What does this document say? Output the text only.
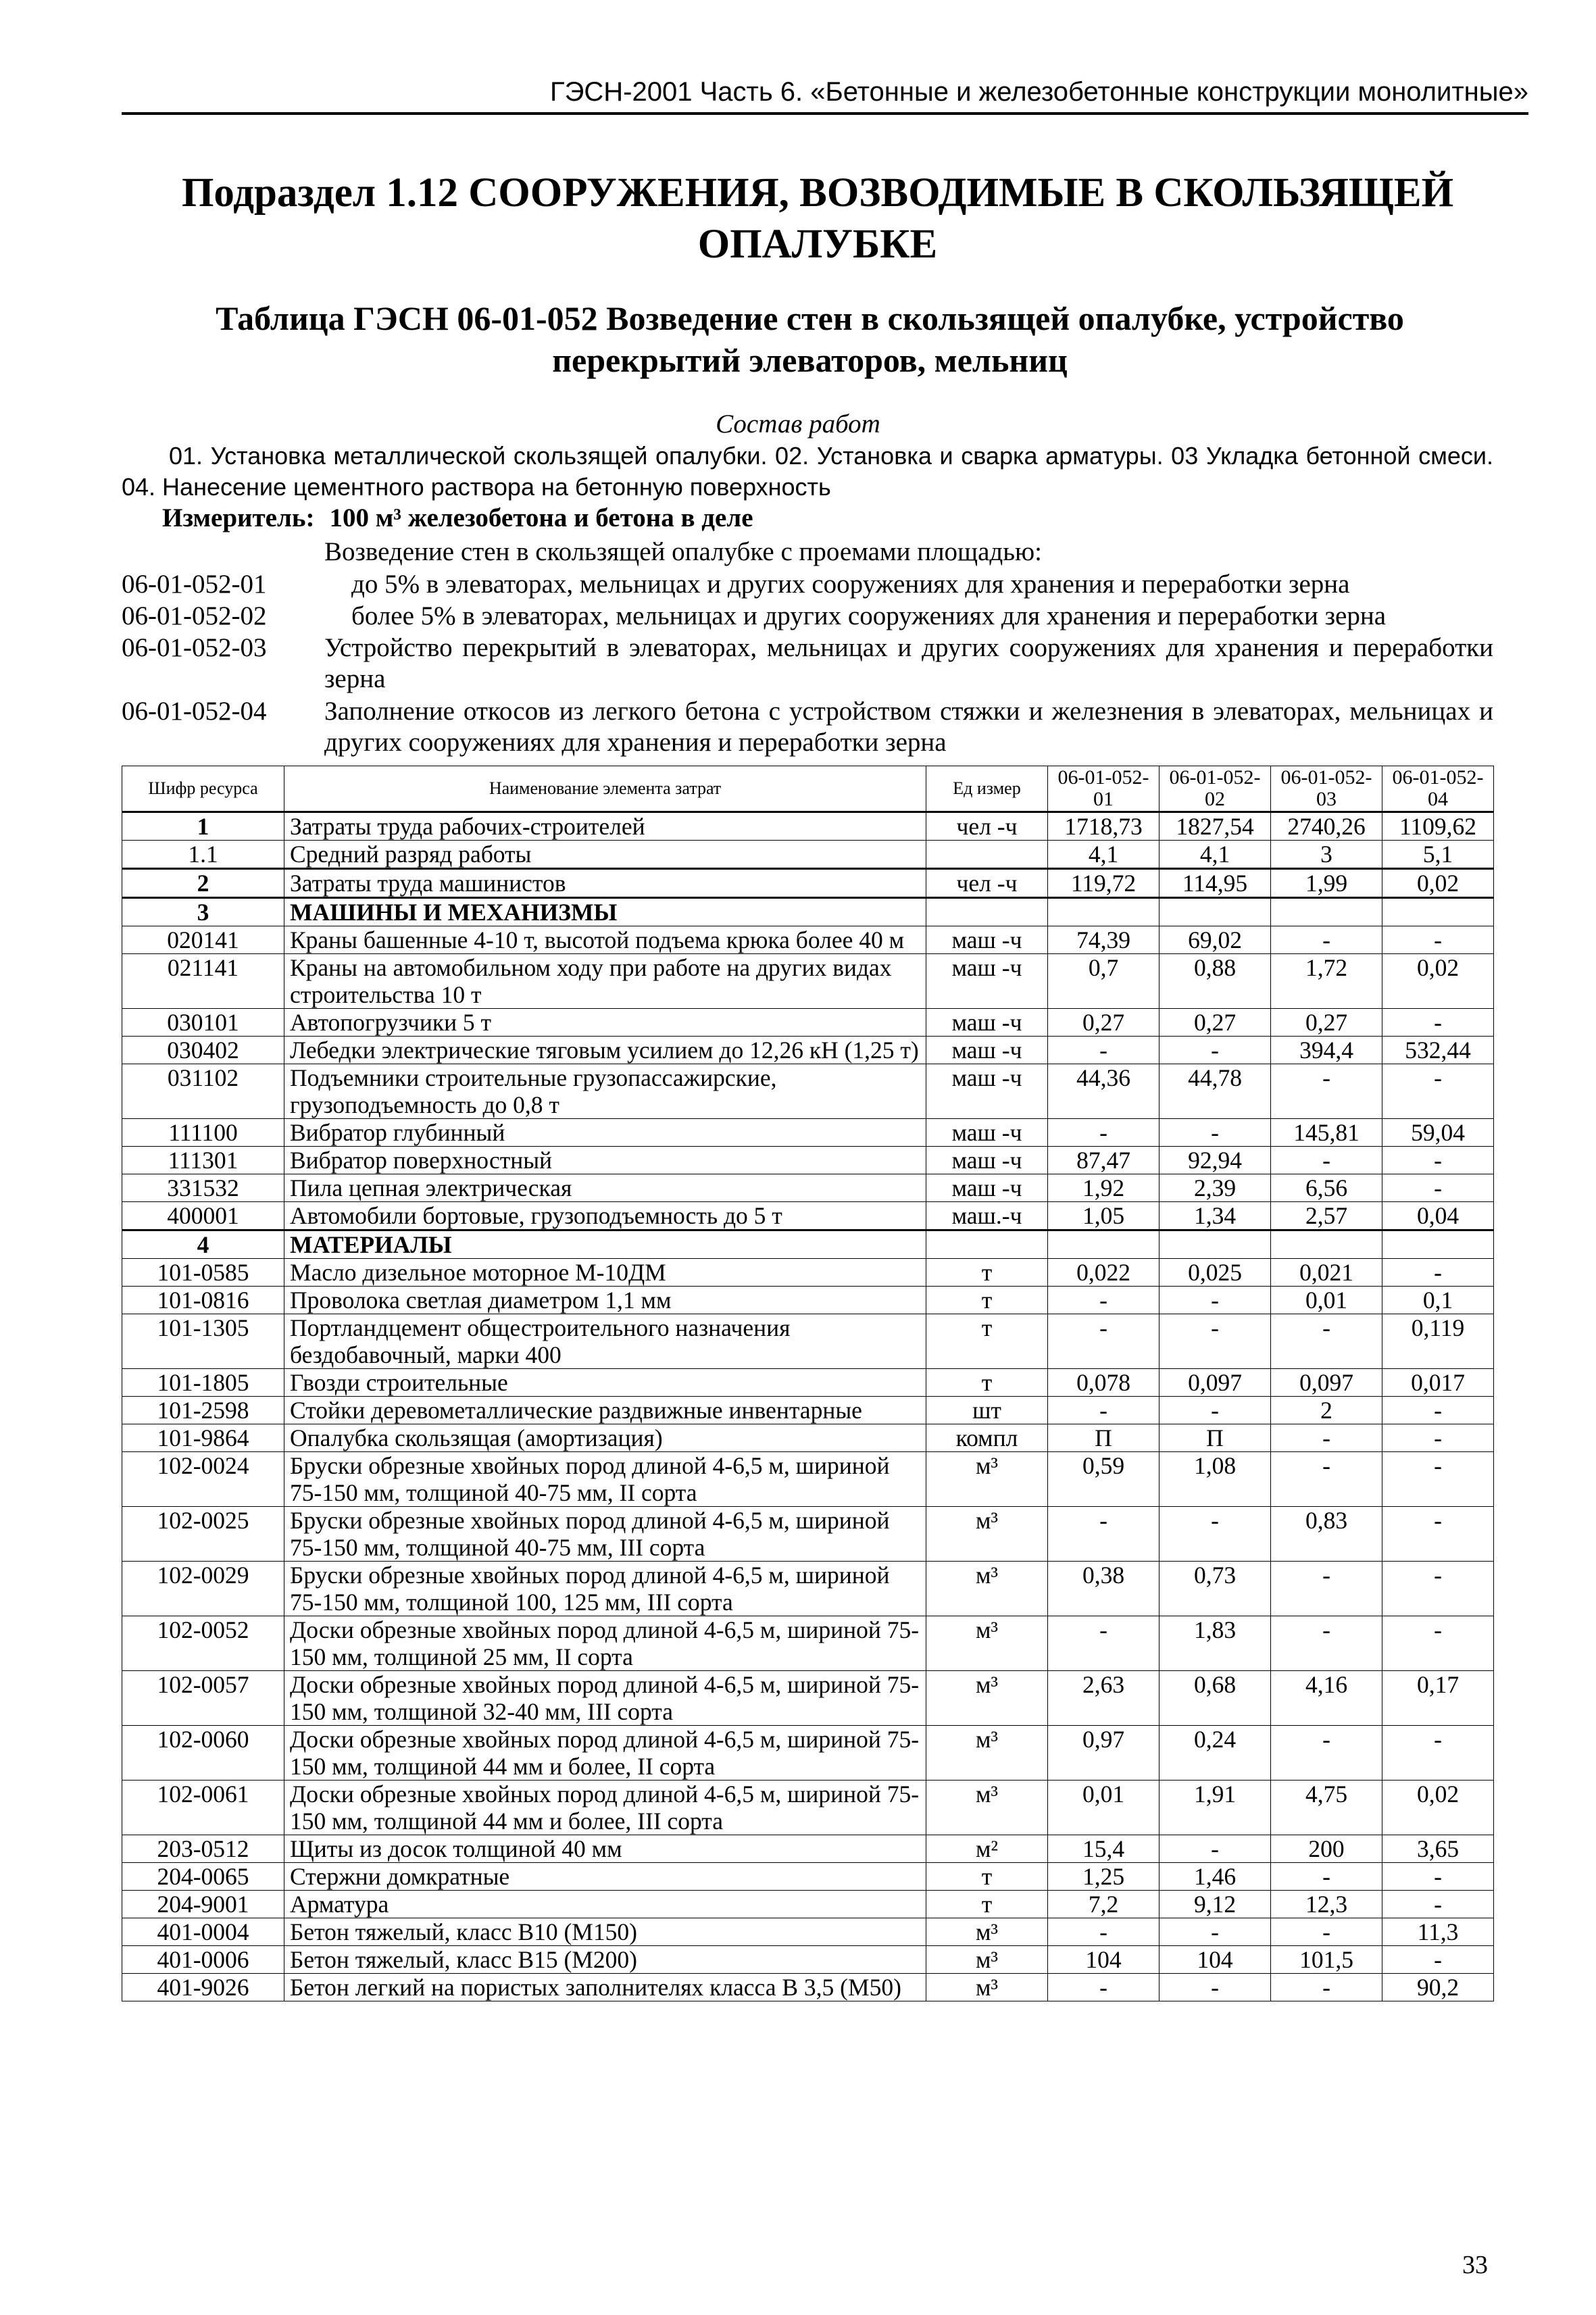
ГЭСН-2001 Часть 6. «Бетонные и железобетонные конструкции монолитные»
Подраздел 1.12 СООРУЖЕНИЯ, ВОЗВОДИМЫЕ В СКОЛЬЗЯЩЕЙ ОПАЛУБКЕ
Таблица ГЭСН 06-01-052 Возведение стен в скользящей опалубке, устройство перекрытий элеваторов, мельниц
Состав работ
01. Установка металлической скользящей опалубки. 02. Установка и сварка арматуры. 03 Укладка бетонной смеси. 04. Нанесение цементного раствора на бетонную поверхность
Измеритель: 100 м³ железобетона и бетона в деле
Возведение стен в скользящей опалубке с проемами площадью:
06-01-052-01	до 5% в элеваторах, мельницах и других сооружениях для хранения и переработки зерна
06-01-052-02	более 5% в элеваторах, мельницах и других сооружениях для хранения и переработки зерна
06-01-052-03 Устройство перекрытий в элеваторах, мельницах и других сооружениях для хранения и переработки зерна
06-01-052-04 Заполнение откосов из легкого бетона с устройством стяжки и железнения в элеваторах, мельницах и других сооружениях для хранения и переработки зерна
Шифр ресурса	Наименование элемента затрат	Ед измер	06-01-052-01	06-01-052-02	06-01-052-03	06-01-052-04
1	Затраты труда рабочих-строителей	чел -ч	1718,73	1827,54	2740,26	1109,62
1.1	Средний разряд работы		4,1	4,1	3	5,1
2	Затраты труда машинистов	чел -ч	119,72	114,95	1,99	0,02
3	МАШИНЫ И МЕХАНИЗМЫ					
020141	Краны башенные 4-10 т, высотой подъема крюка более 40 м	маш -ч	74,39	69,02	-	-
021141	Краны на автомобильном ходу при работе на других видах строительства 10 т	маш -ч	0,7	0,88	1,72	0,02
030101	Автопогрузчики 5 т	маш -ч	0,27	0,27	0,27	-
030402	Лебедки электрические тяговым усилием до 12,26 кН (1,25 т)	маш -ч	-	-	394,4	532,44
031102	Подъемники строительные грузопассажирские, грузоподъемность до 0,8 т	маш -ч	44,36	44,78	-	-
111100	Вибратор глубинный	маш -ч	-	-	145,81	59,04
111301	Вибратор поверхностный	маш -ч	87,47	92,94	-	-
331532	Пила цепная электрическая	маш -ч	1,92	2,39	6,56	-
400001	Автомобили бортовые, грузоподъемность до 5 т	маш.-ч	1,05	1,34	2,57	0,04
4	МАТЕРИАЛЫ					
101-0585	Масло дизельное моторное М-10ДМ	т	0,022	0,025	0,021	-
101-0816	Проволока светлая диаметром 1,1 мм	т	-	-	0,01	0,1
101-1305	Портландцемент общестроительного назначения бездобавочный, марки 400	т	-	-	-	0,119
101-1805	Гвозди строительные	т	0,078	0,097	0,097	0,017
101-2598	Стойки деревометаллические раздвижные инвентарные	шт	-	-	2	-
101-9864	Опалубка скользящая (амортизация)	компл	П	П	-	-
102-0024	Бруски обрезные хвойных пород длиной 4-6,5 м, шириной 75-150 мм, толщиной 40-75 мм, II сорта	м³	0,59	1,08	-	-
102-0025	Бруски обрезные хвойных пород длиной 4-6,5 м, шириной 75-150 мм, толщиной 40-75 мм, III сорта	м³	-	-	0,83	-
102-0029	Бруски обрезные хвойных пород длиной 4-6,5 м, шириной 75-150 мм, толщиной 100, 125 мм, III сорта	м³	0,38	0,73	-	-
102-0052	Доски обрезные хвойных пород длиной 4-6,5 м, шириной 75-150 мм, толщиной 25 мм, II сорта	м³	-	1,83	-	-
102-0057	Доски обрезные хвойных пород длиной 4-6,5 м, шириной 75-150 мм, толщиной 32-40 мм, III сорта	м³	2,63	0,68	4,16	0,17
102-0060	Доски обрезные хвойных пород длиной 4-6,5 м, шириной 75-150 мм, толщиной 44 мм и более, II сорта	м³	0,97	0,24	-	-
102-0061	Доски обрезные хвойных пород длиной 4-6,5 м, шириной 75-150 мм, толщиной 44 мм и более, III сорта	м³	0,01	1,91	4,75	0,02
203-0512	Щиты из досок толщиной 40 мм	м²	15,4	-	200	3,65
204-0065	Стержни домкратные	т	1,25	1,46	-	-
204-9001	Арматура	т	7,2	9,12	12,3	-
401-0004	Бетон тяжелый, класс В10 (М150)	м³	-	-	-	11,3
401-0006	Бетон тяжелый, класс В15 (М200)	м³	104	104	101,5	-
401-9026	Бетон легкий на пористых заполнителях класса В 3,5 (М50)	м³	-	-	-	90,2
33
